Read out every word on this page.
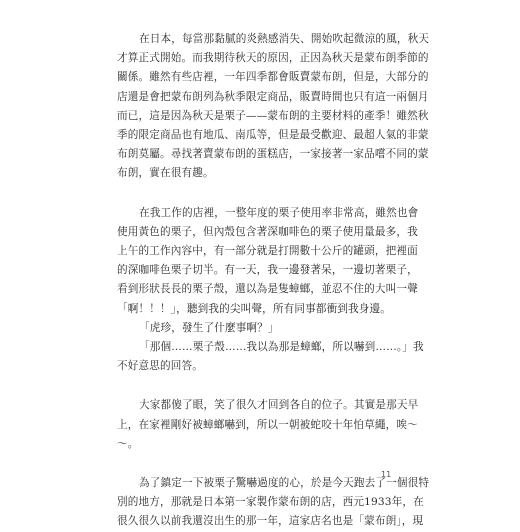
在日本，每當那黏膩的炎熱感消失、開始吹起微涼的風，秋天
才算正式開始。而我期待秋天的原因，正因為秋天是蒙布朗季節的
關係。雖然有些店裡，一年四季都會販賣蒙布朗，但是，大部分的
店還是會把蒙布朗列為秋季限定商品，販賣時間也只有這一兩個月
而已，這是因為秋天是栗子——蒙布朗的主要材料的產季！雖然秋
季的限定商品也有地瓜、南瓜等，但是最受歡迎、最超人氣的非蒙
布朗莫屬。尋找著賣蒙布朗的蛋糕店，一家接著一家品嚐不同的蒙
布朗，實在很有趣。

在我工作的店裡，一整年度的栗子使用率非常高，雖然也會
使用黃色的栗子，但內殼包含著深咖啡色的栗子使用量最多，我
上午的工作內容中，有一部分就是打開數十公斤的罐頭，把裡面
的深咖啡色栗子切半。有一天，我一邊發著呆，一邊切著栗子，
看到形狀長長的栗子殼，還以為是隻蟑螂，並忍不住的大叫一聲
「啊！！！」，聽到我的尖叫聲，所有同事都衝到我身邊。

「虎珍，發生了什麼事啊？」

「那個……栗子殼……我以為那是蟑螂，所以嚇到……。」我
不好意思的回答。

大家都傻了眼，笑了很久才回到各自的位子。其實是那天早
上，在家裡剛好被蟑螂嚇到，所以一朝被蛇咬十年怕草繩，唉～
～。

為了鎮定一下被栗子驚嚇過度的心，於是今天跑去了一個很特
別的地方，那就是日本第一家製作蒙布朗的店，西元1933年，在
很久很久以前我還沒出生的那一年，這家店名也是「蒙布朗」，現

11
